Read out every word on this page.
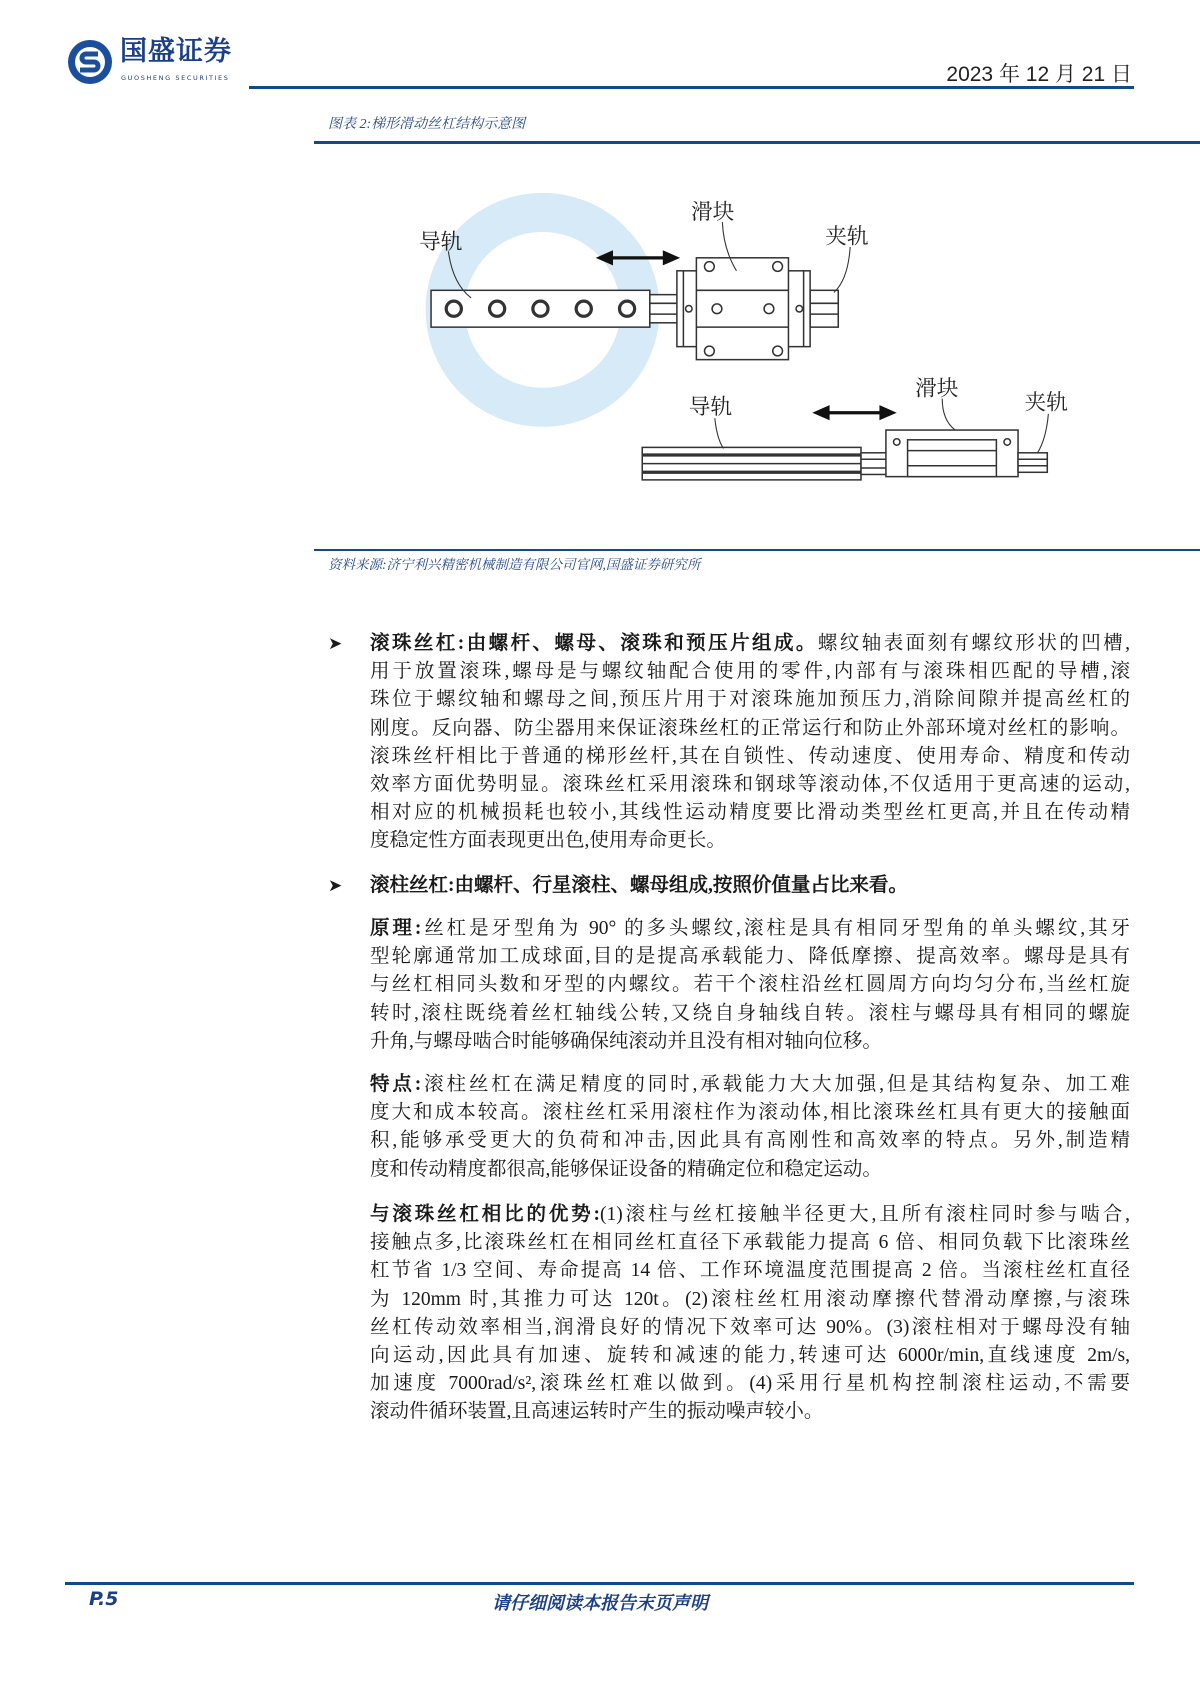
国盛证券
GUOSHENG SECURITIES	2023 年 12 月 21 日
图表 2:梯形滑动丝杠结构示意图
导轨
滑块
夹轨
导轨
滑块
夹轨
资料来源:济宁利兴精密机械制造有限公司官网,国盛证券研究所
➤ 滚珠丝杠:由螺杆、螺母、滚珠和预压片组成。螺纹轴表面刻有螺纹形状的凹槽,
用于放置滚珠,螺母是与螺纹轴配合使用的零件,内部有与滚珠相匹配的导槽,滚
珠位于螺纹轴和螺母之间,预压片用于对滚珠施加预压力,消除间隙并提高丝杠的
刚度。反向器、防尘器用来保证滚珠丝杠的正常运行和防止外部环境对丝杠的影响。
滚珠丝杆相比于普通的梯形丝杆,其在自锁性、传动速度、使用寿命、精度和传动
效率方面优势明显。滚珠丝杠采用滚珠和钢球等滚动体,不仅适用于更高速的运动,
相对应的机械损耗也较小,其线性运动精度要比滑动类型丝杠更高,并且在传动精
度稳定性方面表现更出色,使用寿命更长。
➤ 滚柱丝杠:由螺杆、行星滚柱、螺母组成,按照价值量占比来看。
原理:丝杠是牙型角为 90° 的多头螺纹,滚柱是具有相同牙型角的单头螺纹,其牙
型轮廓通常加工成球面,目的是提高承载能力、降低摩擦、提高效率。螺母是具有
与丝杠相同头数和牙型的内螺纹。若干个滚柱沿丝杠圆周方向均匀分布,当丝杠旋
转时,滚柱既绕着丝杠轴线公转,又绕自身轴线自转。滚柱与螺母具有相同的螺旋
升角,与螺母啮合时能够确保纯滚动并且没有相对轴向位移。
特点:滚柱丝杠在满足精度的同时,承载能力大大加强,但是其结构复杂、加工难
度大和成本较高。滚柱丝杠采用滚柱作为滚动体,相比滚珠丝杠具有更大的接触面
积,能够承受更大的负荷和冲击,因此具有高刚性和高效率的特点。另外,制造精
度和传动精度都很高,能够保证设备的精确定位和稳定运动。
与滚珠丝杠相比的优势:(1)滚柱与丝杠接触半径更大,且所有滚柱同时参与啮合,
接触点多,比滚珠丝杠在相同丝杠直径下承载能力提高 6 倍、相同负载下比滚珠丝
杠节省 1/3 空间、寿命提高 14 倍、工作环境温度范围提高 2 倍。当滚柱丝杠直径
为 120mm 时,其推力可达 120t。(2)滚柱丝杠用滚动摩擦代替滑动摩擦,与滚珠
丝杠传动效率相当,润滑良好的情况下效率可达 90%。(3)滚柱相对于螺母没有轴
向运动,因此具有加速、旋转和减速的能力,转速可达 6000r/min,直线速度 2m/s,
加速度 7000rad/s²,滚珠丝杠难以做到。(4)采用行星机构控制滚柱运动,不需要
滚动件循环装置,且高速运转时产生的振动噪声较小。
P.5	请仔细阅读本报告末页声明
